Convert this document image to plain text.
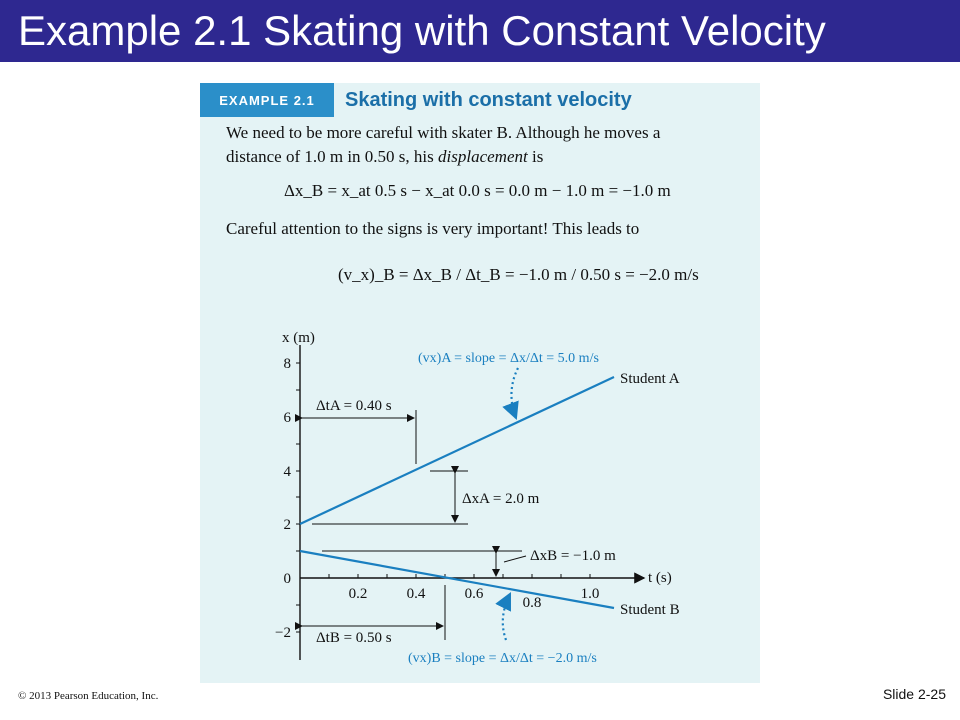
Example 2.1 Skating with Constant Velocity
EXAMPLE 2.1	Skating with constant velocity
We need to be more careful with skater B. Although he moves a
distance of 1.0 m in 0.50 s, his displacement is
Δx_B = x_at 0.5 s − x_at 0.0 s = 0.0 m − 1.0 m = −1.0 m
Careful attention to the signs is very important! This leads to
(v_x)_B = Δx_B / Δt_B = −1.0 m / 0.50 s = −2.0 m/s
x (m)
t (s)
8
6
4
2
0
−2
0.2	0.4	0.6
0.8
1.0
Student A
Student B
ΔtA = 0.40 s
ΔxA = 2.0 m
ΔxB = −1.0 m
ΔtB = 0.50 s
(vx)A = slope = Δx/Δt = 5.0 m/s
(vx)B = slope = Δx/Δt = −2.0 m/s
© 2013 Pearson Education, Inc.	Slide 2-25
